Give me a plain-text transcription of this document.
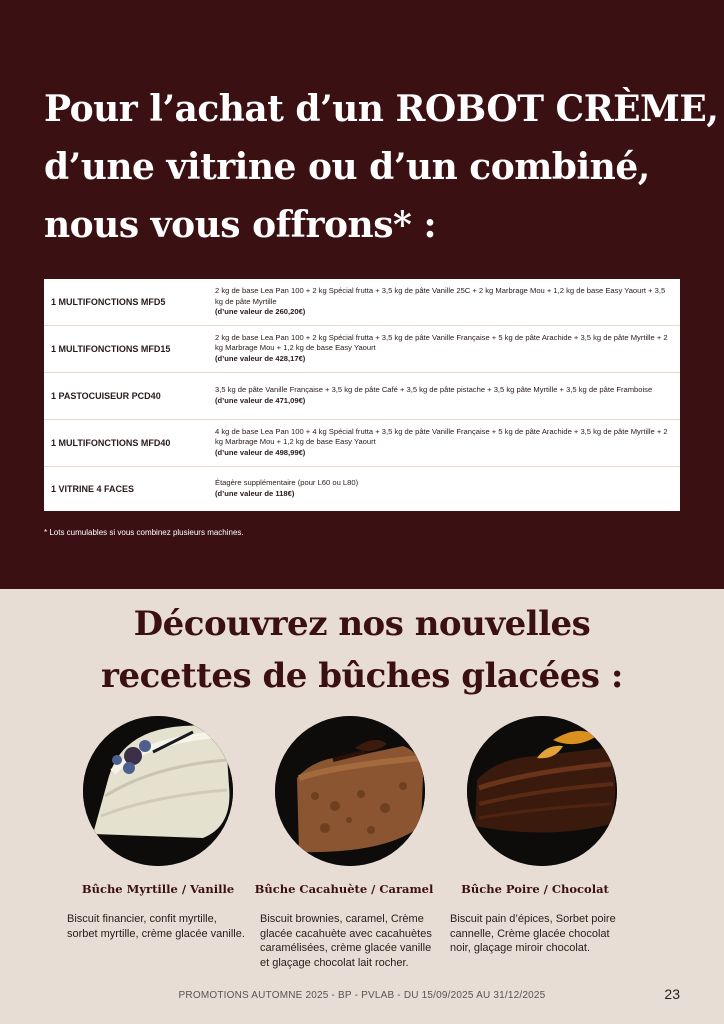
Pour l’achat d’un ROBOT CRÈME,
d’une vitrine ou d’un combiné,
nous vous offrons* :
1 MULTIFONCTIONS MFD5	2 kg de base Lea Pan 100 + 2 kg Spécial frutta + 3,5 kg de pâte Vanille 25C + 2 kg Marbrage Mou + 1,2 kg de base Easy Yaourt + 3,5 kg de pâte Myrtille
(d’une valeur de 260,20€)

1 MULTIFONCTIONS MFD15	2 kg de base Lea Pan 100 + 2 kg Spécial frutta + 3,5 kg de pâte Vanille Française + 5 kg de pâte Arachide + 3,5 kg de pâte Myrtille + 2 kg Marbrage Mou + 1,2 kg de base Easy Yaourt
(d’une valeur de 428,17€)

1 PASTOCUISEUR PCD40	3,5 kg de pâte Vanille Française + 3,5 kg de pâte Café + 3,5 kg de pâte pistache + 3,5 kg pâte Myrtille + 3,5 kg de pâte Framboise
(d’une valeur de 471,09€)

1 MULTIFONCTIONS MFD40	4 kg de base Lea Pan 100 + 4 kg Spécial frutta + 3,5 kg de pâte Vanille Française + 5 kg de pâte Arachide + 3,5 kg de pâte Myrtille + 2 kg Marbrage Mou + 1,2 kg de base Easy Yaourt
(d’une valeur de 498,99€)

1 VITRINE 4 FACES	Étagère supplémentaire (pour L60 ou L80)
(d’une valeur de 118€)
* Lots cumulables si vous combinez plusieurs machines.
Découvrez nos nouvelles
recettes de bûches glacées :
Bûche Myrtille / Vanille
Biscuit financier, confit myrtille, sorbet myrtille, crème glacée vanille.
Bûche Cacahuète / Caramel
Biscuit brownies, caramel, Crème glacée cacahuète avec cacahuètes caramélisées, crème glacée vanille et glaçage chocolat lait rocher.
Bûche Poire / Chocolat
Biscuit pain d’épices, Sorbet poire cannelle, Crème glacée chocolat noir, glaçage miroir chocolat.
PROMOTIONS AUTOMNE 2025 - BP - PVLAB - DU 15/09/2025 AU 31/12/2025	23
